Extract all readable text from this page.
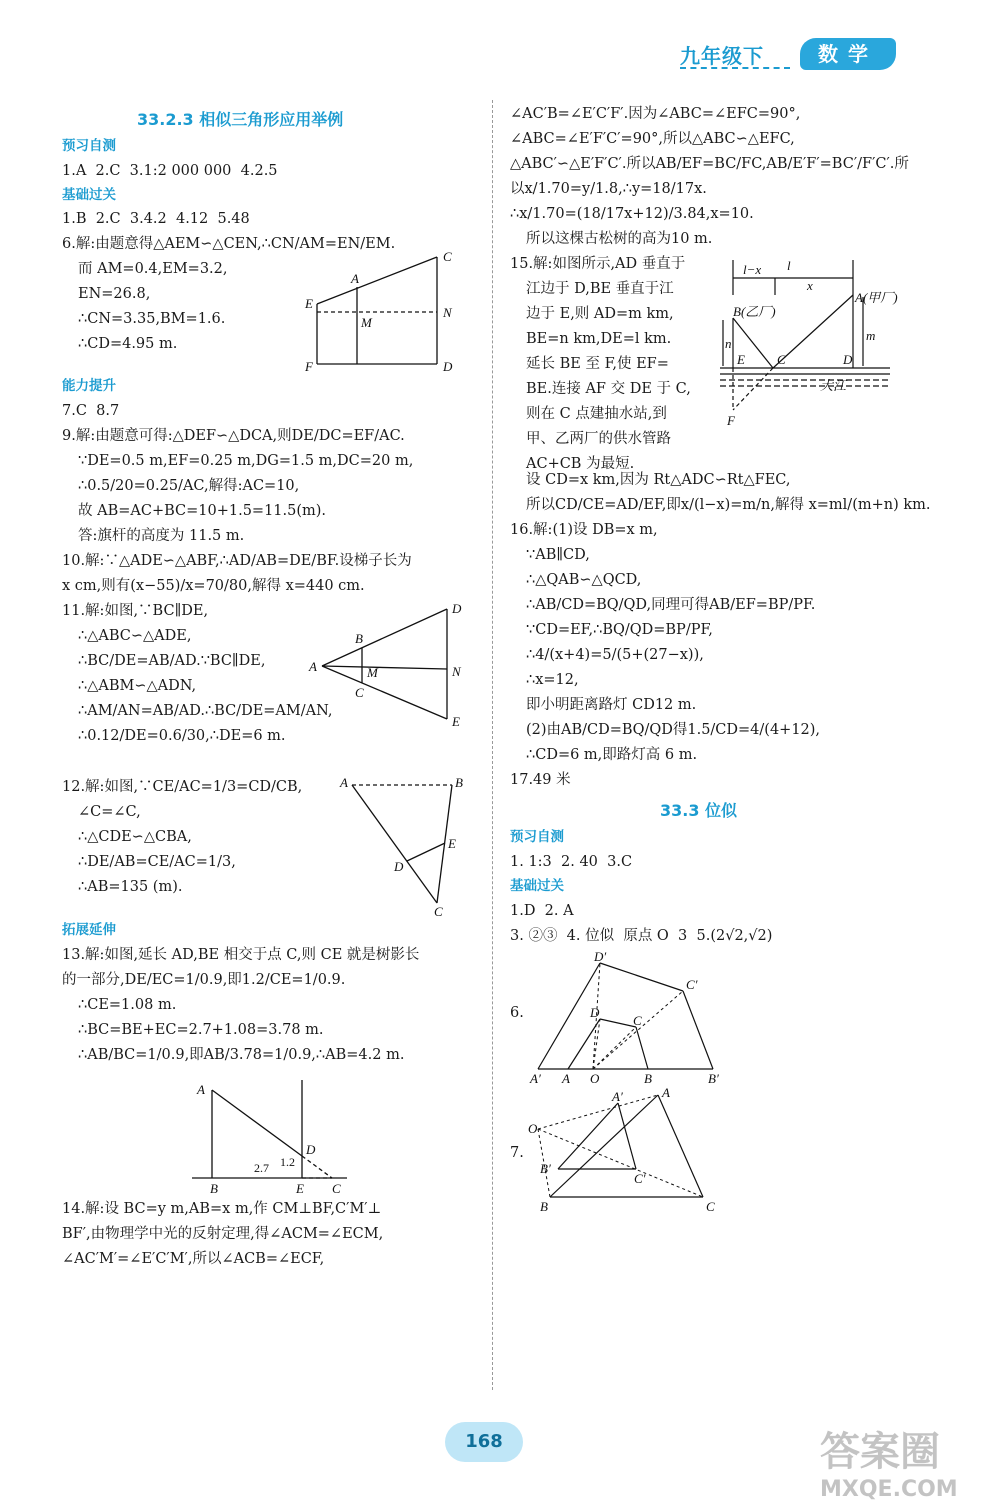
九年级下	数学
33.2.3 相似三角形应用举例
预习自测
1.A  2.C  3.1:2 000 000  4.2.5
基础过关
1.B  2.C  3.4.2  4.12  5.48
6.解:由题意得△AEM∽△CEN,∴CN/AM=EN/EM.
而 AM=0.4,EM=3.2,
EN=26.8,
∴CN=3.35,BM=1.6.
∴CD=4.95 m.
C
E
A
M
N
F	D
能力提升
7.C  8.7
9.解:由题意可得:△DEF∽△DCA,则DE/DC=EF/AC.
∵DE=0.5 m,EF=0.25 m,DG=1.5 m,DC=20 m,
∴0.5/20=0.25/AC,解得:AC=10,
故 AB=AC+BC=10+1.5=11.5(m).
答:旗杆的高度为 11.5 m.
10.解:∵△ADE∽△ABF,∴AD/AB=DE/BF.设梯子长为
x cm,则有(x−55)/x=70/80,解得 x=440 cm.
11.解:如图,∵BC∥DE,
∴△ABC∽△ADE,
∴BC/DE=AB/AD.∵BC∥DE,
∴△ABM∽△ADN,
∴AM/AN=AB/AD.∴BC/DE=AM/AN,
∴0.12/DE=0.6/30,∴DE=6 m.
A
B
C
M
D
N
E
12.解:如图,∵CE/AC=1/3=CD/CB,
∠C=∠C,
∴△CDE∽△CBA,
∴DE/AB=CE/AC=1/3,
∴AB=135 (m).
A	B
E
D
C
拓展延伸
13.解:如图,延长 AD,BE 相交于点 C,则 CE 就是树影长
的一部分,DE/EC=1/0.9,即1.2/CE=1/0.9.
∴CE=1.08 m.
∴BC=BE+EC=2.7+1.08=3.78 m.
∴AB/BC=1/0.9,即AB/3.78=1/0.9,∴AB=4.2 m.
A
D
B	E C
2.7 1.2
14.解:设 BC=y m,AB=x m,作 CM⊥BF,C′M′⊥
BF′,由物理学中光的反射定理,得∠ACM=∠ECM,
∠AC′M′=∠E′C′M′,所以∠ACB=∠ECF,
∠AC′B=∠E′C′F′.因为∠ABC=∠EFC=90°,
∠ABC=∠E′F′C′=90°,所以△ABC∽△EFC,
△ABC′∽△E′F′C′.所以AB/EF=BC/FC,AB/E′F′=BC′/F′C′.所
以x/1.70=y/1.8,∴y=18/17x.
∴x/1.70=(18/17x+12)/3.84,x=10.
所以这棵古松树的高为10 m.
15.解:如图所示,AD 垂直于
江边于 D,BE 垂直于江
边于 E,则 AD=m km,
BE=n km,DE=l km.
延长 BE 至 F,使 EF=
BE.连接 AF 交 DE 于 C,
则在 C 点建抽水站,到
甲、乙两厂的供水管路
AC+CB 为最短.
l−x l
x
A(甲厂)
B(乙厂)
n
m
E C	D
大江
F
设 CD=x km,因为 Rt△ADC∽Rt△FEC,
所以CD/CE=AD/EF,即x/(l−x)=m/n,解得 x=ml/(m+n) km.
16.解:(1)设 DB=x m,
∵AB∥CD,
∴△QAB∽△QCD,
∴AB/CD=BQ/QD,同理可得AB/EF=BP/PF.
∵CD=EF,∴BQ/QD=BP/PF,
∴4/(x+4)=5/(5+(27−x)),
∴x=12,
即小明距离路灯 CD12 m.
(2)由AB/CD=BQ/QD得1.5/CD=4/(4+12),
∴CD=6 m,即路灯高 6 m.
17.49 米
33.3 位似
预习自测
1. 1:3  2. 40  3.C
基础过关
1.D  2. A
3. ②③  4. 位似  原点 O  3  5.(2√2,√2)
6.
D′
C′
D
C
A′ A O	B	B′
7.
O
A′	A
B′
C′
B	C
168	答案圈
MXQE.COM
